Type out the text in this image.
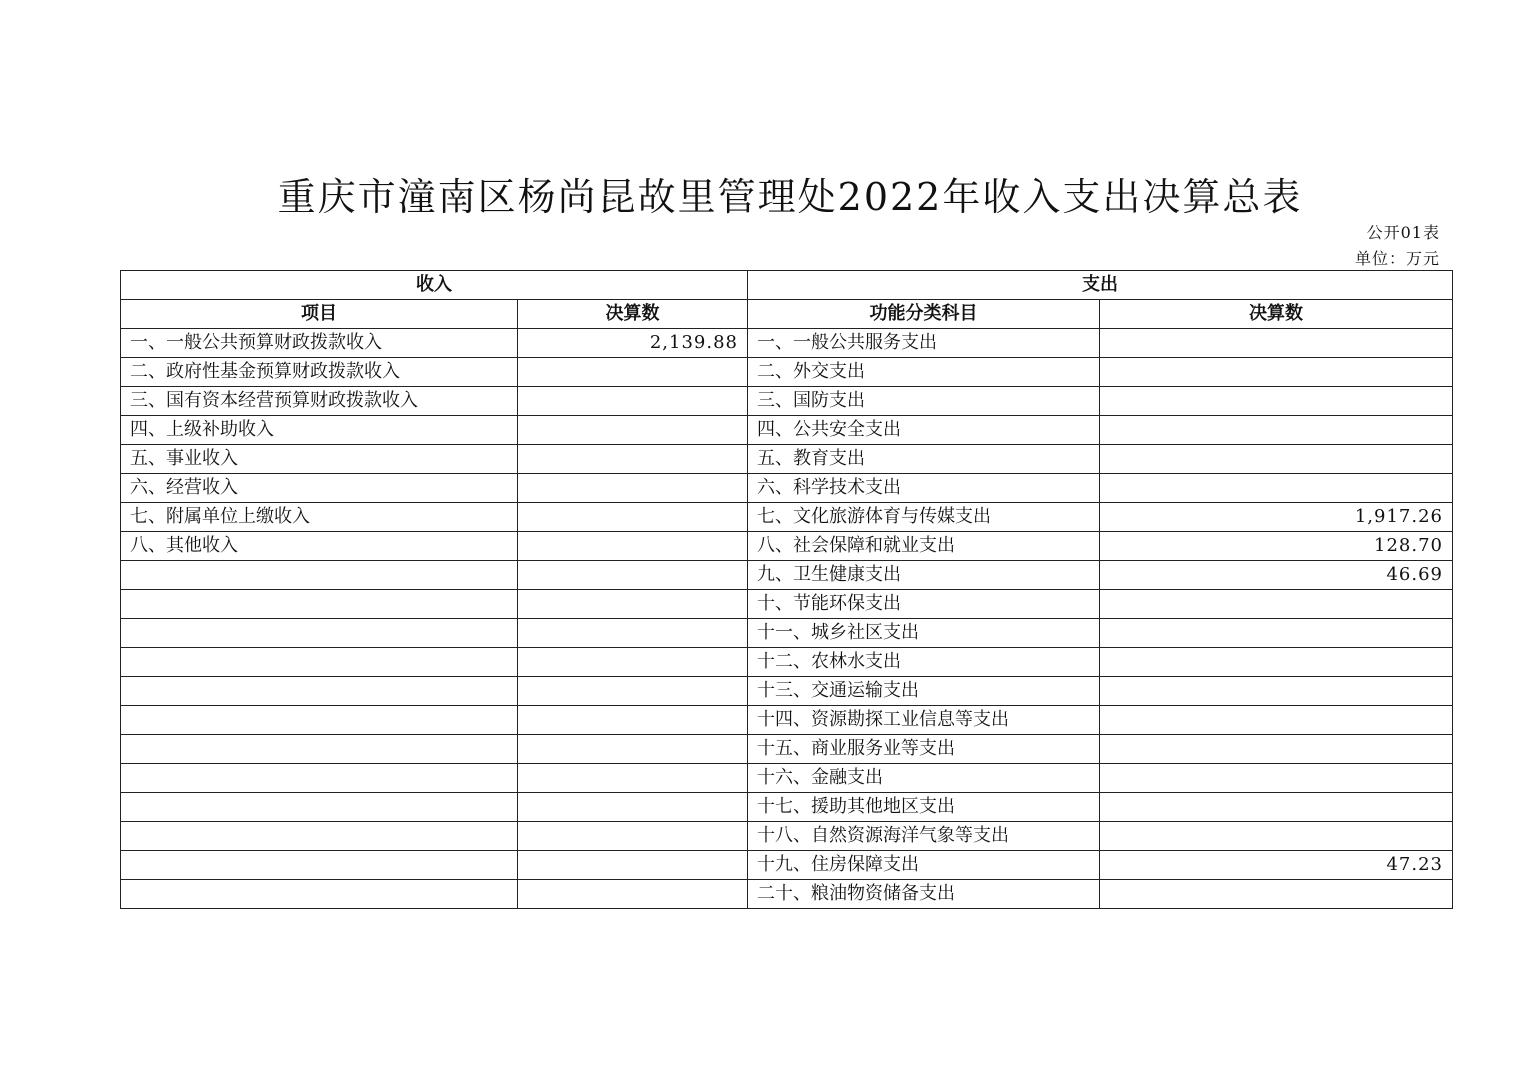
重庆市潼南区杨尚昆故里管理处2022年收入支出决算总表
公开01表
单位：万元
收入		支出	
项目	决算数	功能分类科目	决算数
一、一般公共预算财政拨款收入	2,139.88	一、一般公共服务支出	
二、政府性基金预算财政拨款收入		二、外交支出	
三、国有资本经营预算财政拨款收入		三、国防支出	
四、上级补助收入		四、公共安全支出	
五、事业收入		五、教育支出	
六、经营收入		六、科学技术支出	
七、附属单位上缴收入		七、文化旅游体育与传媒支出	1,917.26
八、其他收入		八、社会保障和就业支出	128.70
		九、卫生健康支出	46.69
		十、节能环保支出	
		十一、城乡社区支出	
		十二、农林水支出	
		十三、交通运输支出	
		十四、资源勘探工业信息等支出	
		十五、商业服务业等支出	
		十六、金融支出	
		十七、援助其他地区支出	
		十八、自然资源海洋气象等支出	
		十九、住房保障支出	47.23
		二十、粮油物资储备支出	
